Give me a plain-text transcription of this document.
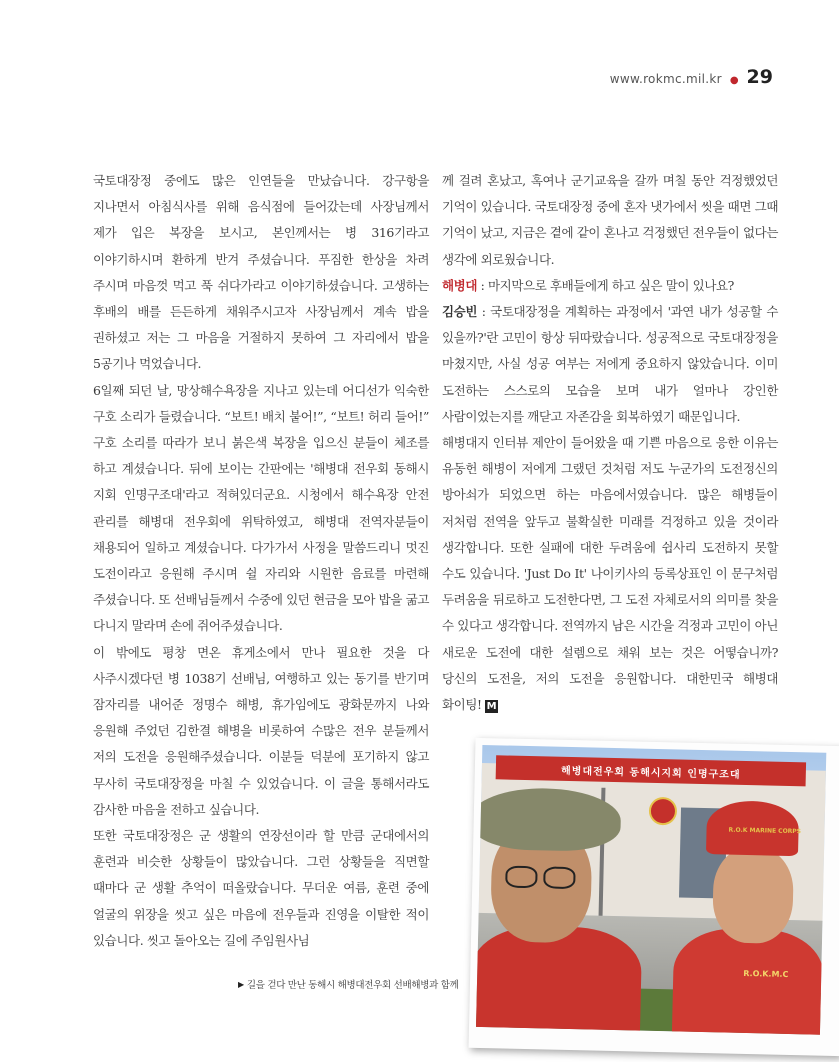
www.rokmc.mil.kr ● 29

국토대장정 중에도 많은 인연들을 만났습니다. 강구항을 지나면서 아침식사를 위해 음식점에 들어갔는데 사장님께서 제가 입은 복장을 보시고, 본인께서는 병 316기라고 이야기하시며 환하게 반겨 주셨습니다. 푸짐한 한상을 차려 주시며 마음껏 먹고 푹 쉬다가라고 이야기하셨습니다. 고생하는 후배의 배를 든든하게 채워주시고자 사장님께서 계속 밥을 권하셨고 저는 그 마음을 거절하지 못하여 그 자리에서 밥을 5공기나 먹었습니다.

6일째 되던 날, 망상해수욕장을 지나고 있는데 어디선가 익숙한 구호 소리가 들렸습니다. “보트! 배치 붙어!”, “보트! 허리 들어!” 구호 소리를 따라가 보니 붉은색 복장을 입으신 분들이 체조를 하고 계셨습니다. 뒤에 보이는 간판에는 '해병대 전우회 동해시 지회 인명구조대'라고 적혀있더군요. 시청에서 해수욕장 안전 관리를 해병대 전우회에 위탁하였고, 해병대 전역자분들이 채용되어 일하고 계셨습니다. 다가가서 사정을 말씀드리니 멋진 도전이라고 응원해 주시며 쉴 자리와 시원한 음료를 마련해 주셨습니다. 또 선배님들께서 수중에 있던 현금을 모아 밥을 굶고 다니지 말라며 손에 쥐어주셨습니다.

이 밖에도 평창 면온 휴게소에서 만나 필요한 것을 다 사주시겠다던 병 1038기 선배님, 여행하고 있는 동기를 반기며 잠자리를 내어준 정명수 해병, 휴가임에도 광화문까지 나와 응원해 주었던 김한결 해병을 비롯하여 수많은 전우 분들께서 저의 도전을 응원해주셨습니다. 이분들 덕분에 포기하지 않고 무사히 국토대장정을 마칠 수 있었습니다. 이 글을 통해서라도 감사한 마음을 전하고 싶습니다.

또한 국토대장정은 군 생활의 연장선이라 할 만큼 군대에서의 훈련과 비슷한 상황들이 많았습니다. 그런 상황들을 직면할 때마다 군 생활 추억이 떠올랐습니다. 무더운 여름, 훈련 중에 얼굴의 위장을 씻고 싶은 마음에 전우들과 진영을 이탈한 적이 있습니다. 씻고 돌아오는 길에 주임원사님

께 걸려 혼났고, 혹여나 군기교육을 갈까 며칠 동안 걱정했었던 기억이 있습니다. 국토대장정 중에 혼자 냇가에서 씻을 때면 그때 기억이 났고, 지금은 곁에 같이 혼나고 걱정했던 전우들이 없다는 생각에 외로웠습니다.

해병대 : 마지막으로 후배들에게 하고 싶은 말이 있나요?

김승빈 : 국토대장정을 계획하는 과정에서 '과연 내가 성공할 수 있을까?'란 고민이 항상 뒤따랐습니다. 성공적으로 국토대장정을 마쳤지만, 사실 성공 여부는 저에게 중요하지 않았습니다. 이미 도전하는 스스로의 모습을 보며 내가 얼마나 강인한 사람이었는지를 깨닫고 자존감을 회복하였기 때문입니다.

해병대지 인터뷰 제안이 들어왔을 때 기쁜 마음으로 응한 이유는 유동헌 해병이 저에게 그랬던 것처럼 저도 누군가의 도전정신의 방아쇠가 되었으면 하는 마음에서였습니다. 많은 해병들이 저처럼 전역을 앞두고 불확실한 미래를 걱정하고 있을 것이라 생각합니다. 또한 실패에 대한 두려움에 쉽사리 도전하지 못할 수도 있습니다. 'Just Do It' 나이키사의 등록상표인 이 문구처럼 두려움을 뒤로하고 도전한다면, 그 도전 자체로서의 의미를 찾을 수 있다고 생각합니다. 전역까지 남은 시간을 걱정과 고민이 아닌 새로운 도전에 대한 설렘으로 채워 보는 것은 어떻습니까? 당신의 도전을, 저의 도전을 응원합니다. 대한민국 해병대 화이팅! M

해병대전우회 동해시지회 인명구조대
R.O.K.M.C
R.O.K MARINE CORPS
▶ 길을 걷다 만난 동해시 해병대전우회 선배해병과 함께
